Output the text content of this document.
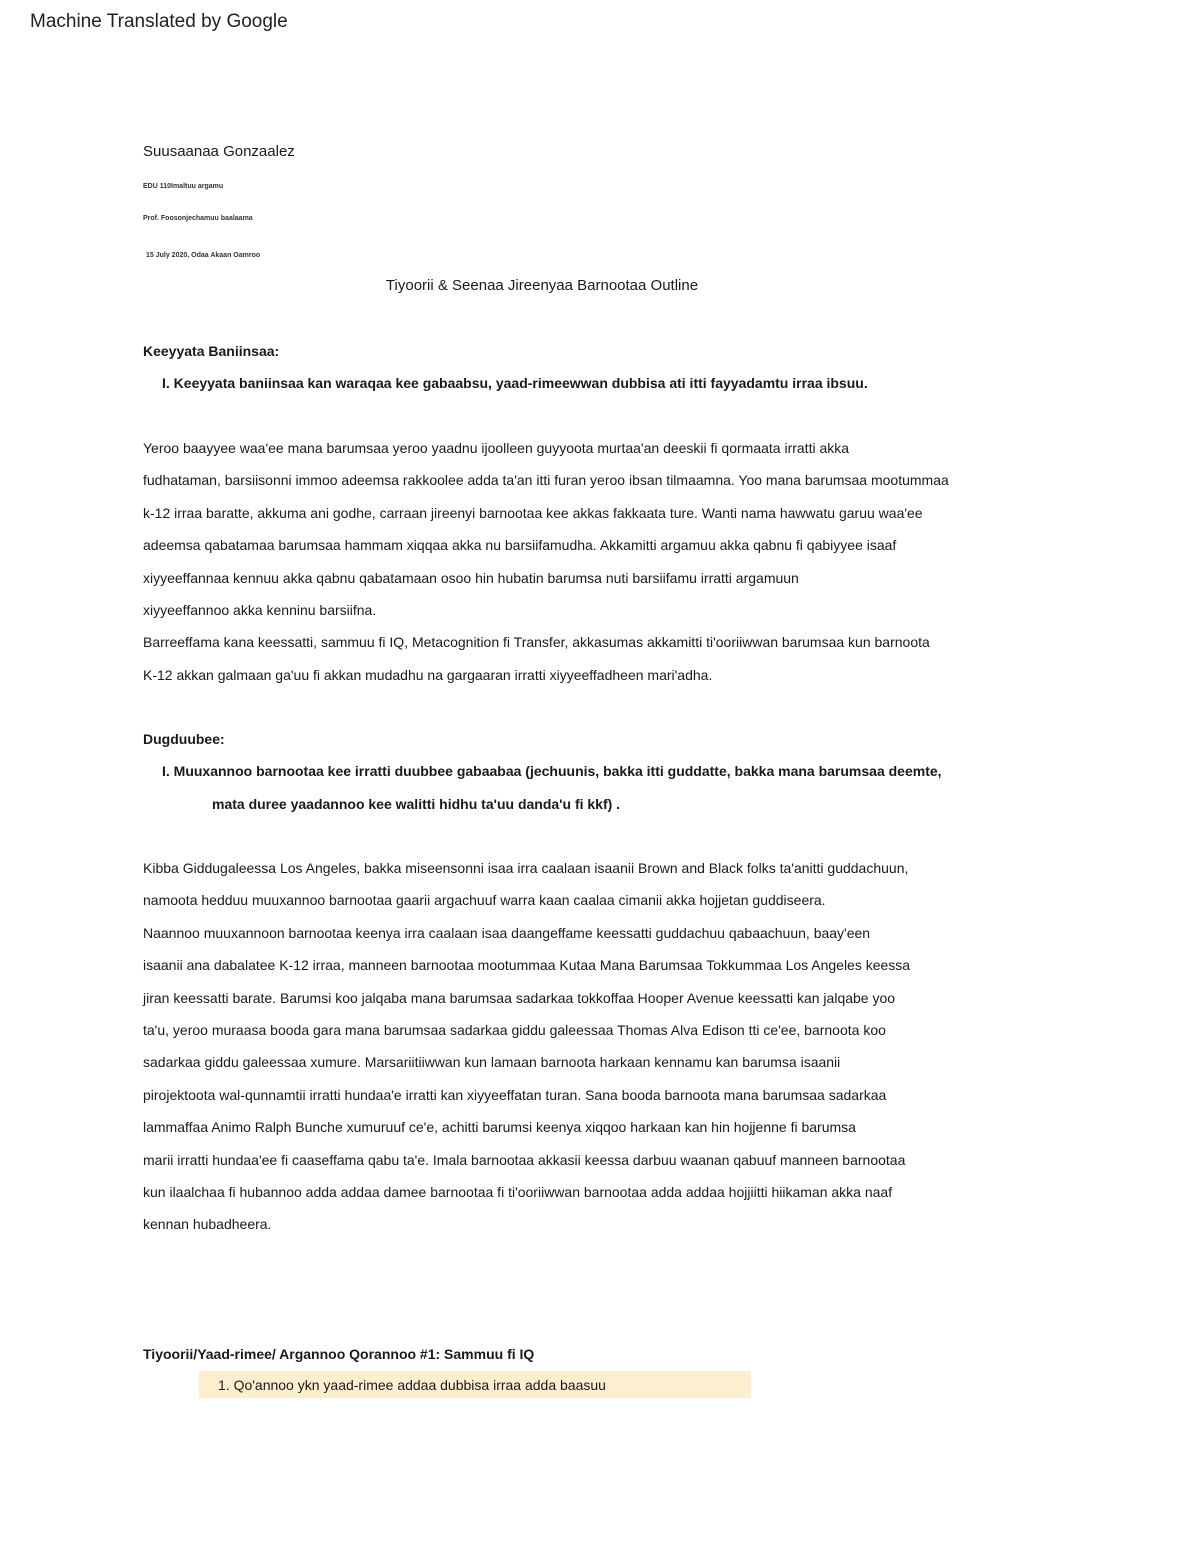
Machine Translated by Google
Suusaanaa Gonzaalez
EDU 110Imaltuu argamu
Prof. Foosonjechamuu baalaama
15 July 2020, Odaa Akaan Oamroo
Tiyoorii & Seenaa Jireenyaa Barnootaa Outline
Keeyyata Baniinsaa:
I. Keeyyata baniinsaa kan waraqaa kee gabaabsu, yaad-rimeewwan dubbisa ati itti fayyadamtu irraa ibsuu.
Yeroo baayyee waa'ee mana barumsaa yeroo yaadnu ijoolleen guyyoota murtaa'an deeskii fi qormaata irratti akka
fudhataman, barsiisonni immoo adeemsa rakkoolee adda ta'an itti furan yeroo ibsan tilmaamna. Yoo mana barumsaa mootummaa
k-12 irraa baratte, akkuma ani godhe, carraan jireenyi barnootaa kee akkas fakkaata ture. Wanti nama hawwatu garuu waa'ee
adeemsa qabatamaa barumsaa hammam xiqqaa akka nu barsiifamudha. Akkamitti argamuu akka qabnu fi qabiyyee isaaf
xiyyeeffannaa kennuu akka qabnu qabatamaan osoo hin hubatin barumsa nuti barsiifamu irratti argamuun
xiyyeeffannoo akka kenninu barsiifna.
Barreeffama kana keessatti, sammuu fi IQ, Metacognition fi Transfer, akkasumas akkamitti ti'ooriiwwan barumsaa kun barnoota
K-12 akkan galmaan ga'uu fi akkan mudadhu na gargaaran irratti xiyyeeffadheen mari'adha.
Dugduubee:
I. Muuxannoo barnootaa kee irratti duubbee gabaabaa (jechuunis, bakka itti guddatte, bakka mana barumsaa deemte,
mata duree yaadannoo kee walitti hidhu ta'uu danda'u fi kkf) .
Kibba Giddugaleessa Los Angeles, bakka miseensonni isaa irra caalaan isaanii Brown and Black folks ta'anitti guddachuun,
namoota hedduu muuxannoo barnootaa gaarii argachuuf warra kaan caalaa cimanii akka hojjetan guddiseera.
Naannoo muuxannoon barnootaa keenya irra caalaan isaa daangeffame keessatti guddachuu qabaachuun, baay'een
isaanii ana dabalatee K-12 irraa, manneen barnootaa mootummaa Kutaa Mana Barumsaa Tokkummaa Los Angeles keessa
jiran keessatti barate. Barumsi koo jalqaba mana barumsaa sadarkaa tokkoffaa Hooper Avenue keessatti kan jalqabe yoo
ta'u, yeroo muraasa booda gara mana barumsaa sadarkaa giddu galeessaa Thomas Alva Edison tti ce'ee, barnoota koo
sadarkaa giddu galeessaa xumure. Marsariitiiwwan kun lamaan barnoota harkaan kennamu kan barumsa isaanii
pirojektoota wal-qunnamtii irratti hundaa'e irratti kan xiyyeeffatan turan. Sana booda barnoota mana barumsaa sadarkaa
lammaffaa Animo Ralph Bunche xumuruuf ce'e, achitti barumsi keenya xiqqoo harkaan kan hin hojjenne fi barumsa
marii irratti hundaa'ee fi caaseffama qabu ta'e. Imala barnootaa akkasii keessa darbuu waanan qabuuf manneen barnootaa
kun ilaalchaa fi hubannoo adda addaa damee barnootaa fi ti'ooriiwwan barnootaa adda addaa hojjiitti hiikaman akka naaf
kennan hubadheera.
Tiyoorii/Yaad-rimee/ Argannoo Qorannoo #1: Sammuu fi IQ
1. Qo'annoo ykn yaad-rimee addaa dubbisa irraa adda baasuu
